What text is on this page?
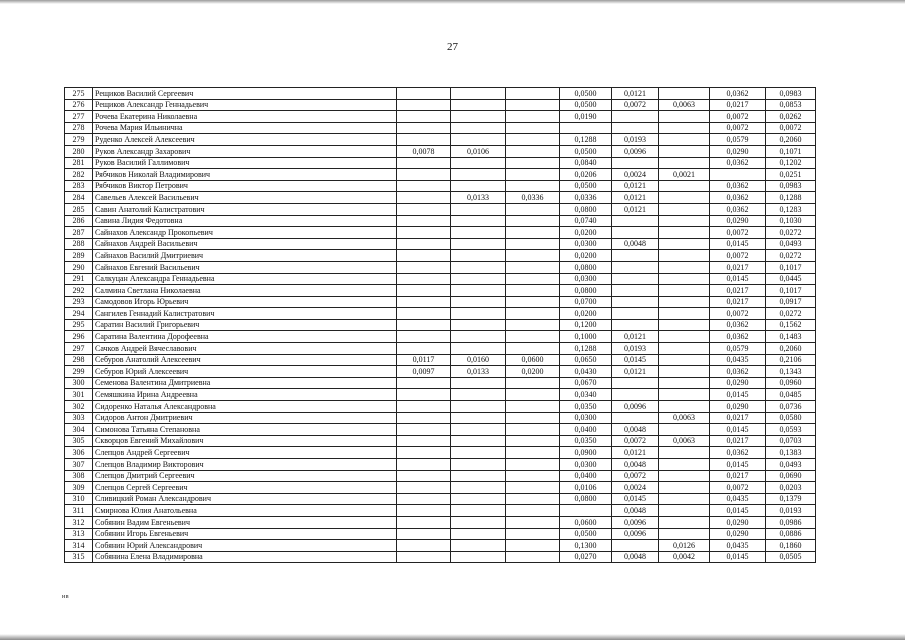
27
275	Рещиков Василий Сергеевич				0,0500	0,0121		0,0362	0,0983
276	Рещиков Александр Геннадьевич				0,0500	0,0072	0,0063	0,0217	0,0853
277	Рочева Екатерина Николаевна				0,0190			0,0072	0,0262
278	Рочева Мария Ильинична							0,0072	0,0072
279	Руденко Алексей Алексеевич				0,1288	0,0193		0,0579	0,2060
280	Руков Александр Захарович	0,0078	0,0106		0,0500	0,0096		0,0290	0,1071
281	Руков Василий Галлимович				0,0840			0,0362	0,1202
282	Рябчиков Николай Владимирович				0,0206	0,0024	0,0021		0,0251
283	Рябчиков Виктор Петрович				0,0500	0,0121		0,0362	0,0983
284	Савельев Алексей Васильевич		0,0133	0,0336	0,0336	0,0121		0,0362	0,1288
285	Савин Анатолий Калистратович				0,0800	0,0121		0,0362	0,1283
286	Савина Лидия Федотовна				0,0740			0,0290	0,1030
287	Сайнахов Александр Прокопьевич				0,0200			0,0072	0,0272
288	Сайнахов Андрей Васильевич				0,0300	0,0048		0,0145	0,0493
289	Сайнахов Василий Дмитриевич				0,0200			0,0072	0,0272
290	Сайнахов Евгений Васильевич				0,0800			0,0217	0,1017
291	Салкуцан Александра Геннадьевна				0,0300			0,0145	0,0445
292	Салмина Светлана Николаевна				0,0800			0,0217	0,1017
293	Самодовов Игорь Юрьевич				0,0700			0,0217	0,0917
294	Сангилев Геннадий Калистратович				0,0200			0,0072	0,0272
295	Саратин Василий Григорьевич				0,1200			0,0362	0,1562
296	Саратина Валентина Дорофеевна				0,1000	0,0121		0,0362	0,1483
297	Сачков Андрей Вячеславович				0,1288	0,0193		0,0579	0,2060
298	Себуров Анатолий Алексеевич	0,0117	0,0160	0,0600	0,0650	0,0145		0,0435	0,2106
299	Себуров Юрий Алексеевич	0,0097	0,0133	0,0200	0,0430	0,0121		0,0362	0,1343
300	Семенова Валентина Дмитриевна				0,0670			0,0290	0,0960
301	Семяшкина Ирина Андреевна				0,0340			0,0145	0,0485
302	Сидоренко Наталья Александровна				0,0350	0,0096		0,0290	0,0736
303	Сидоров Антон Дмитриевич				0,0300		0,0063	0,0217	0,0580
304	Симонова Татьяна Степановна				0,0400	0,0048		0,0145	0,0593
305	Скворцов Евгений Михайлович				0,0350	0,0072	0,0063	0,0217	0,0703
306	Слепцов Андрей Сергеевич				0,0900	0,0121		0,0362	0,1383
307	Слепцов Владимир Викторович				0,0300	0,0048		0,0145	0,0493
308	Слепцов Дмитрий Сергеевич				0,0400	0,0072		0,0217	0,0690
309	Слепцов Сергей Сергеевич				0,0106	0,0024		0,0072	0,0203
310	Сливицкий Роман Александрович				0,0800	0,0145		0,0435	0,1379
311	Смирнова Юлия Анатольевна					0,0048		0,0145	0,0193
312	Собянин Вадим Евгеньевич				0,0600	0,0096		0,0290	0,0986
313	Собянин Игорь Евгеньевич				0,0500	0,0096		0,0290	0,0886
314	Собянин Юрий Александрович				0,1300		0,0126	0,0435	0,1860
315	Собянина Елена Владимировна				0,0270	0,0048	0,0042	0,0145	0,0505
нв
